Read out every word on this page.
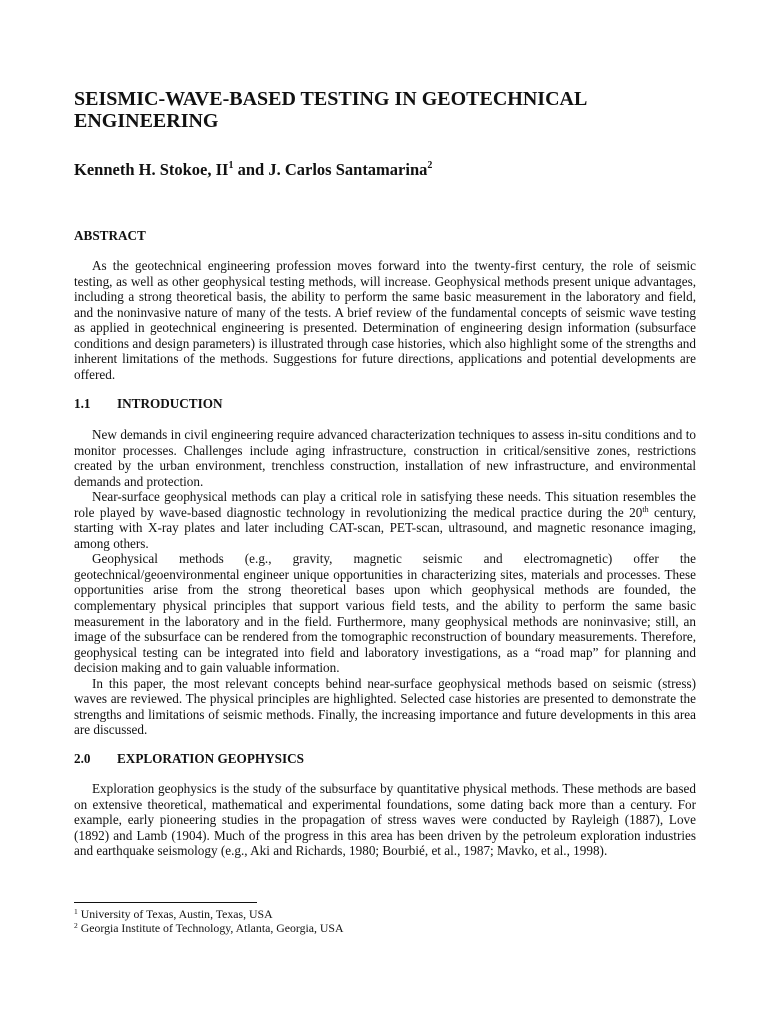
SEISMIC-WAVE-BASED TESTING IN GEOTECHNICAL ENGINEERING
Kenneth H. Stokoe, $II^1$ and J. Carlos Santamarina$^2$
ABSTRACT

As the geotechnical engineering profession moves forward into the twenty-first century, the role of seismic testing, as well as other geophysical testing methods, will increase. Geophysical methods present unique advantages, including a strong theoretical basis, the ability to perform the same basic measurement in the laboratory and field, and the noninvasive nature of many of the tests. A brief review of the fundamental concepts of seismic wave testing as applied in geotechnical engineering is presented. Determination of engineering design information (subsurface conditions and design parameters) is illustrated through case histories, which also highlight some of the strengths and inherent limitations of the methods. Suggestions for future directions, applications and potential developments are offered.

1.1 INTRODUCTION

New demands in civil engineering require advanced characterization techniques to assess in-situ conditions and to monitor processes. Challenges include aging infrastructure, construction in critical/sensitive zones, restrictions created by the urban environment, trenchless construction, installation of new infrastructure, and environmental demands and protection.

Near-surface geophysical methods can play a critical role in satisfying these needs. This situation resembles the role played by wave-based diagnostic technology in revolutionizing the medical practice during the 20th century, starting with X-ray plates and later including CAT-scan, PET-scan, ultrasound, and magnetic resonance imaging, among others.

Geophysical methods (e.g., gravity, magnetic seismic and electromagnetic) offer the geotechnical/geoenvironmental engineer unique opportunities in characterizing sites, materials and processes. These opportunities arise from the strong theoretical bases upon which geophysical methods are founded, the complementary physical principles that support various field tests, and the ability to perform the same basic measurement in the laboratory and in the field. Furthermore, many geophysical methods are noninvasive; still, an image of the subsurface can be rendered from the tomographic reconstruction of boundary measurements. Therefore, geophysical testing can be integrated into field and laboratory investigations, as a “road map” for planning and decision making and to gain valuable information.

In this paper, the most relevant concepts behind near-surface geophysical methods based on seismic (stress) waves are reviewed. The physical principles are highlighted. Selected case histories are presented to demonstrate the strengths and limitations of seismic methods. Finally, the increasing importance and future developments in this area are discussed.

2.0 EXPLORATION GEOPHYSICS

Exploration geophysics is the study of the subsurface by quantitative physical methods. These methods are based on extensive theoretical, mathematical and experimental foundations, some dating back more than a century. For example, early pioneering studies in the propagation of stress waves were conducted by Rayleigh (1887), Love (1892) and Lamb (1904). Much of the progress in this area has been driven by the petroleum exploration industries and earthquake seismology (e.g., Aki and Richards, 1980; Bourbié, et al., 1987; Mavko, et al., 1998).

$^1$ University of Texas, Austin, Texas, USA
$^2$ Georgia Institute of Technology, Atlanta, Georgia, USA
